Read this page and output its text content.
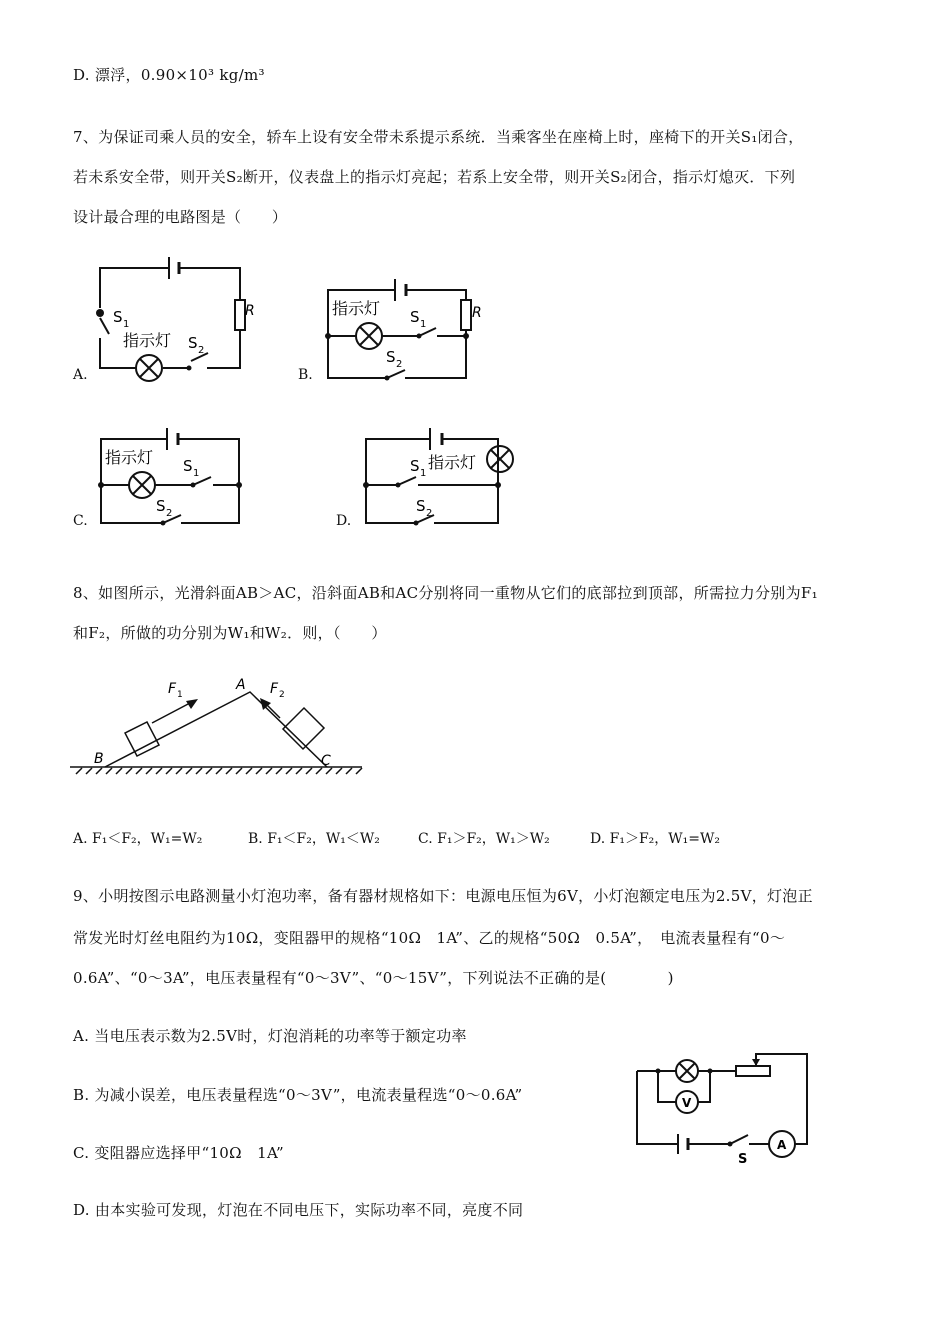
D. 漂浮，0.90×10³ kg/m³
7、为保证司乘人员的安全，轿车上设有安全带未系提示系统．当乘客坐在座椅上时，座椅下的开关S₁闭合，
若未系安全带，则开关S₂断开，仪表盘上的指示灯亮起；若系上安全带，则开关S₂闭合，指示灯熄灭．下列
设计最合理的电路图是（　　）
A.	B.
C.	D.
R
S 1
指示灯 S 2
R
指示灯 S 1
S 2
指示灯 S 1
S 2
S 1
指示灯
S 2
8、如图所示，光滑斜面AB＞AC，沿斜面AB和AC分别将同一重物从它们的底部拉到顶部，所需拉力分别为F₁
和F₂，所做的功分别为W₁和W₂．则，（　　）
F 1
A F 2
B	C
A. F₁＜F₂，W₁=W₂	B. F₁＜F₂，W₁＜W₂	C. F₁＞F₂，W₁＞W₂	D. F₁＞F₂，W₁=W₂
9、小明按图示电路测量小灯泡功率，备有器材规格如下：电源电压恒为6V，小灯泡额定电压为2.5V，灯泡正
常发光时灯丝电阻约为10Ω，变阻器甲的规格“10Ω　1A”、乙的规格“50Ω　0.5A”，　电流表量程有“0～
0.6A”、“0～3A”，电压表量程有“0～3V”、“0～15V”，下列说法不正确的是(　　　　)
A. 当电压表示数为2.5V时，灯泡消耗的功率等于额定功率
B. 为减小误差，电压表量程选“0～3V”，电流表量程选“0～0.6A”
C. 变阻器应选择甲“10Ω　1A”
D. 由本实验可发现，灯泡在不同电压下，实际功率不同，亮度不同
V
A
S
